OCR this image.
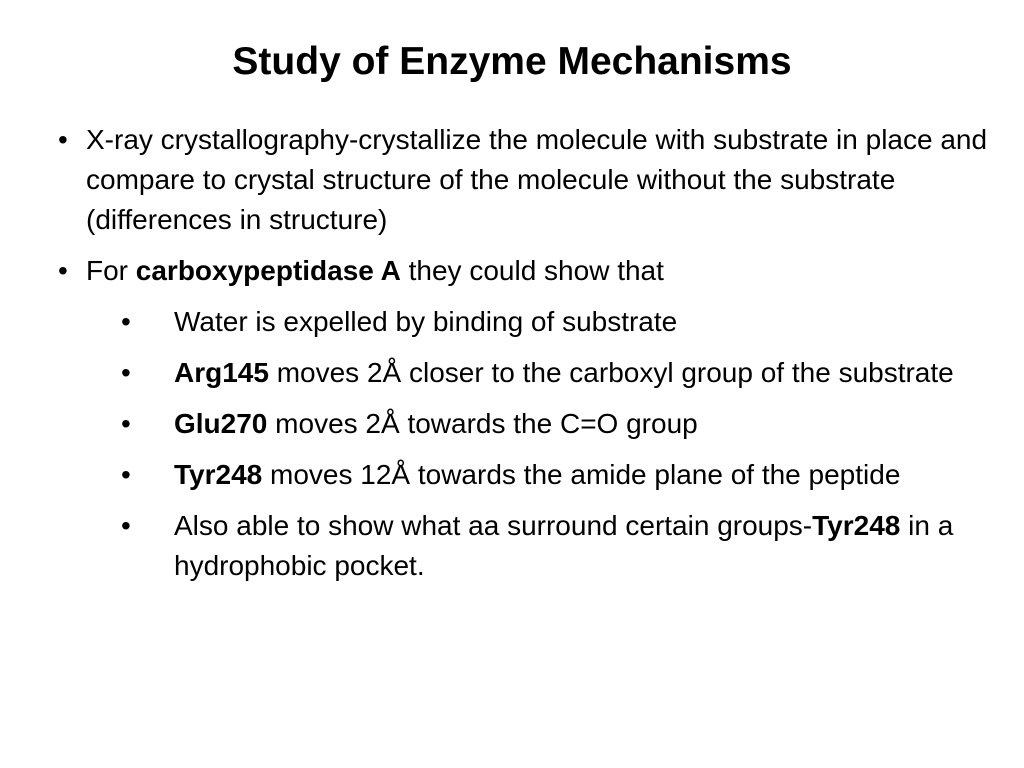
Study of Enzyme Mechanisms
• X-ray crystallography-crystallize the molecule with substrate in place and compare to crystal structure of the molecule without the substrate (differences in structure)
• For carboxypeptidase A they could show that
•	Water is expelled by binding of substrate
•	Arg145 moves 2Å closer to the carboxyl group of the substrate
•	Glu270 moves 2Å towards the C=O group
•	Tyr248 moves 12Å towards the amide plane of the peptide
•	Also able to show what aa surround certain groups-Tyr248 in a hydrophobic pocket.
